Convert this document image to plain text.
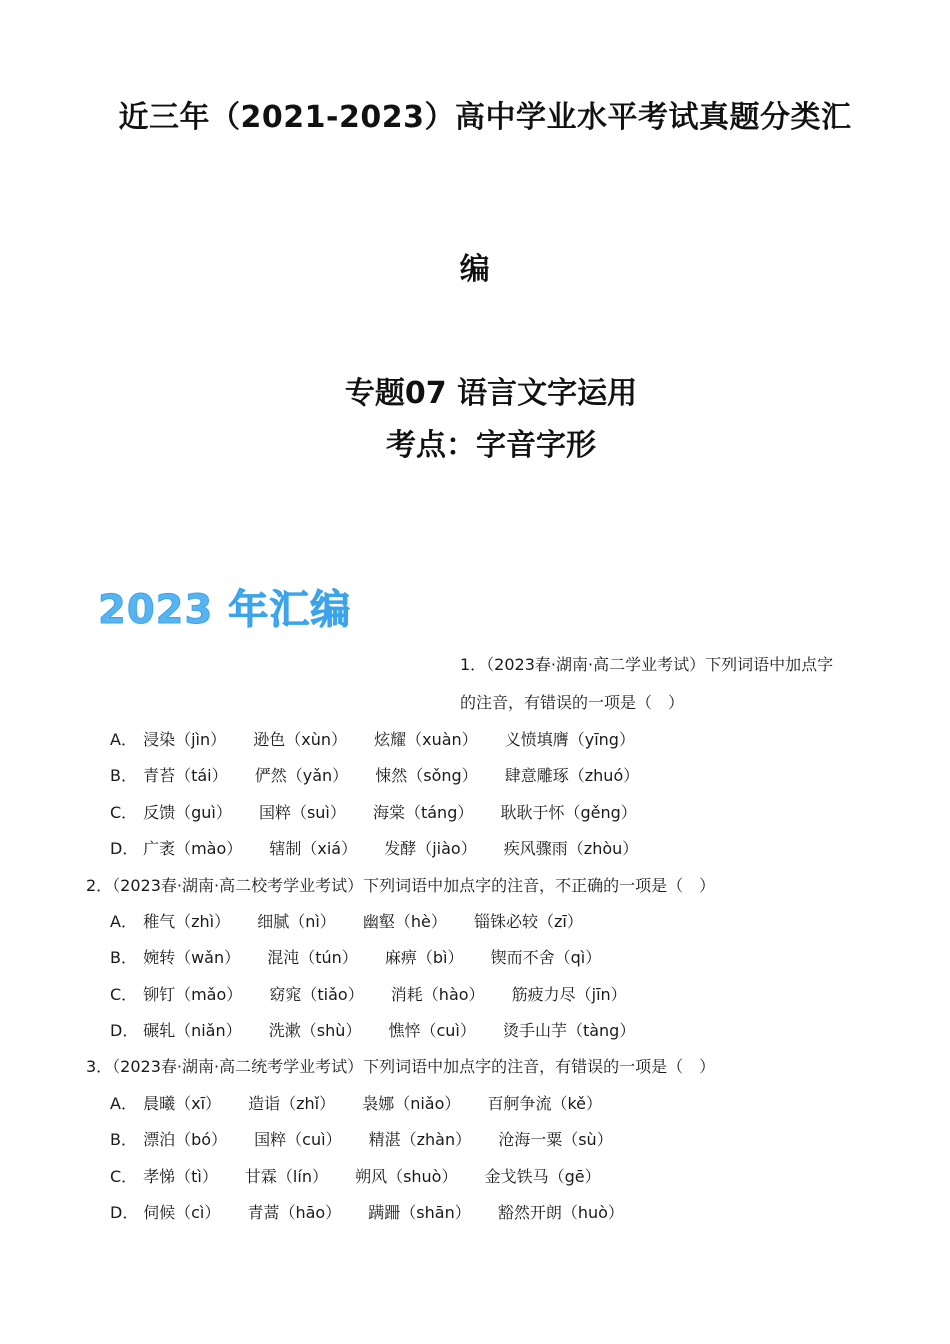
近三年（2021-2023）高中学业水平考试真题分类汇
编
专题07 语言文字运用
考点：字音字形
2023 年汇编
1．（2023春·湖南·高二学业考试）下列词语中加点字
的注音，有错误的一项是（　）
A． 浸染（jìn） 逊色（xùn） 炫耀（xuàn） 义愤填膺（yīng）
B． 青苔（tái） 俨然（yǎn） 悚然（sǒng） 肆意雕琢（zhuó）
C． 反馈（guì） 国粹（suì） 海棠（táng） 耿耿于怀（gěng）
D． 广袤（mào） 辖制（xiá） 发酵（jiào） 疾风骤雨（zhòu）
2．（2023春·湖南·高二校考学业考试）下列词语中加点字的注音，不正确的一项是（　）
A． 稚气（zhì） 细腻（nì） 幽壑（hè） 锱铢必较（zī）
B． 婉转（wǎn） 混沌（tún） 麻痹（bì） 锲而不舍（qì）
C． 铆钉（mǎo） 窈窕（tiǎo） 消耗（hào） 筋疲力尽（jīn）
D． 碾轧（niǎn） 洗漱（shù） 憔悴（cuì） 烫手山芋（tàng）
3．（2023春·湖南·高二统考学业考试）下列词语中加点字的注音，有错误的一项是（　）
A． 晨曦（xī） 造诣（zhǐ） 袅娜（niǎo） 百舸争流（kě）
B． 漂泊（bó） 国粹（cuì） 精湛（zhàn） 沧海一粟（sù）
C． 孝悌（tì） 甘霖（lín） 朔风（shuò） 金戈铁马（gē）
D． 伺候（cì） 青蒿（hāo） 蹒跚（shān） 豁然开朗（huò）
